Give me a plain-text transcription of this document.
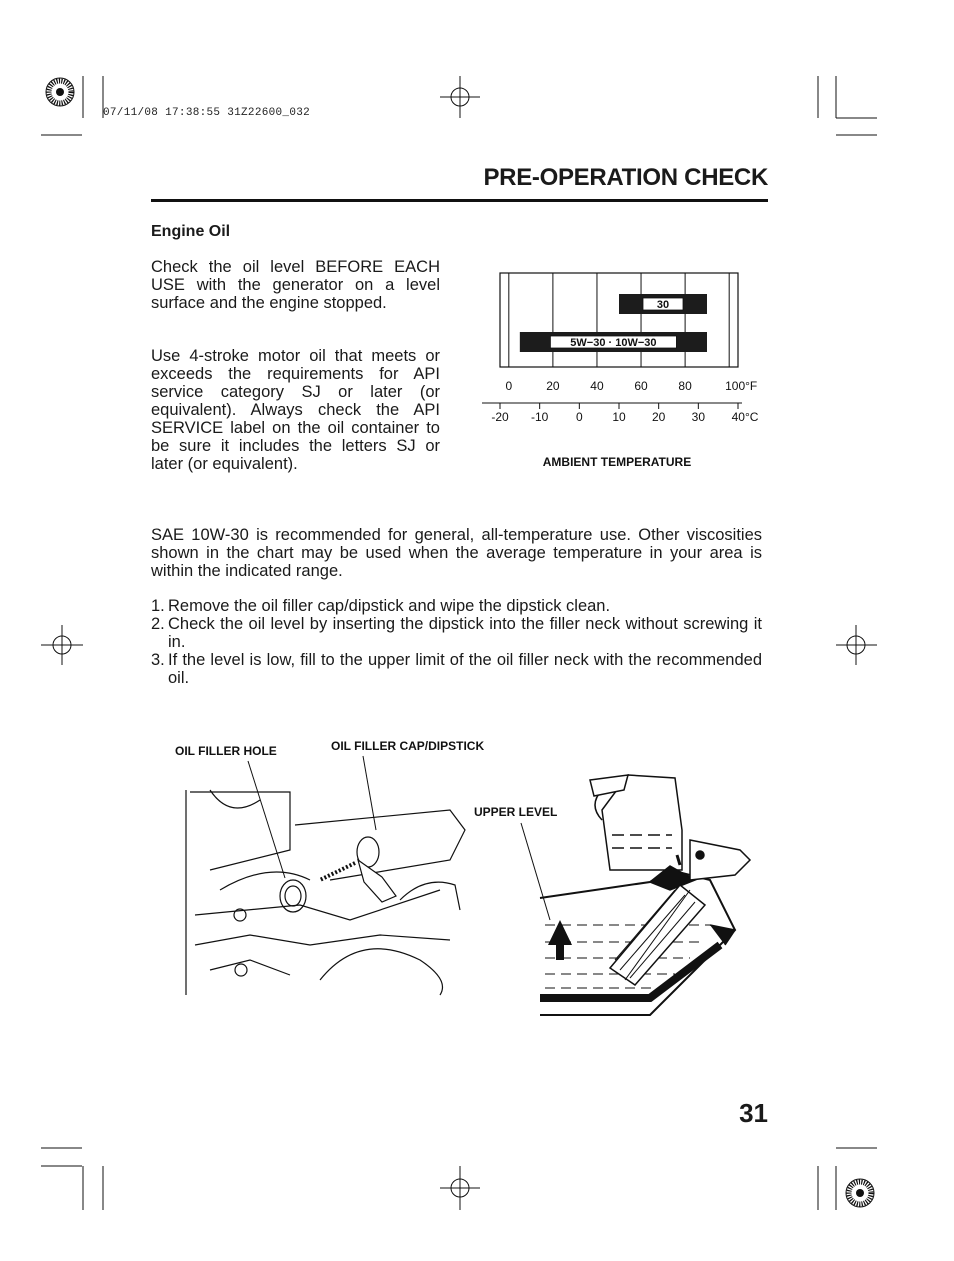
07/11/08 17:38:55 31Z22600_032
PRE-OPERATION CHECK
Engine Oil

Check the oil level BEFORE EACH USE with the generator on a level surface and the engine stopped.

Use 4-stroke motor oil that meets or exceeds the requirements for API service category SJ or later (or equivalent). Always check the API SERVICE label on the oil container to be sure it includes the letters SJ or later (or equivalent).

30
5W−30 · 10W−30
0	20	40	60	80	100°F
-20 -10 0 10 20 30 40°C
AMBIENT TEMPERATURE

SAE 10W-30 is recommended for general, all-temperature use. Other viscosities shown in the chart may be used when the average temperature in your area is within the indicated range.

1. Remove the oil filler cap/dipstick and wipe the dipstick clean.
2. Check the oil level by inserting the dipstick into the filler neck without screwing it in.
3. If the level is low, fill to the upper limit of the oil filler neck with the recommended oil.
OIL FILLER HOLE	OIL FILLER CAP/DIPSTICK
UPPER LEVEL
31
